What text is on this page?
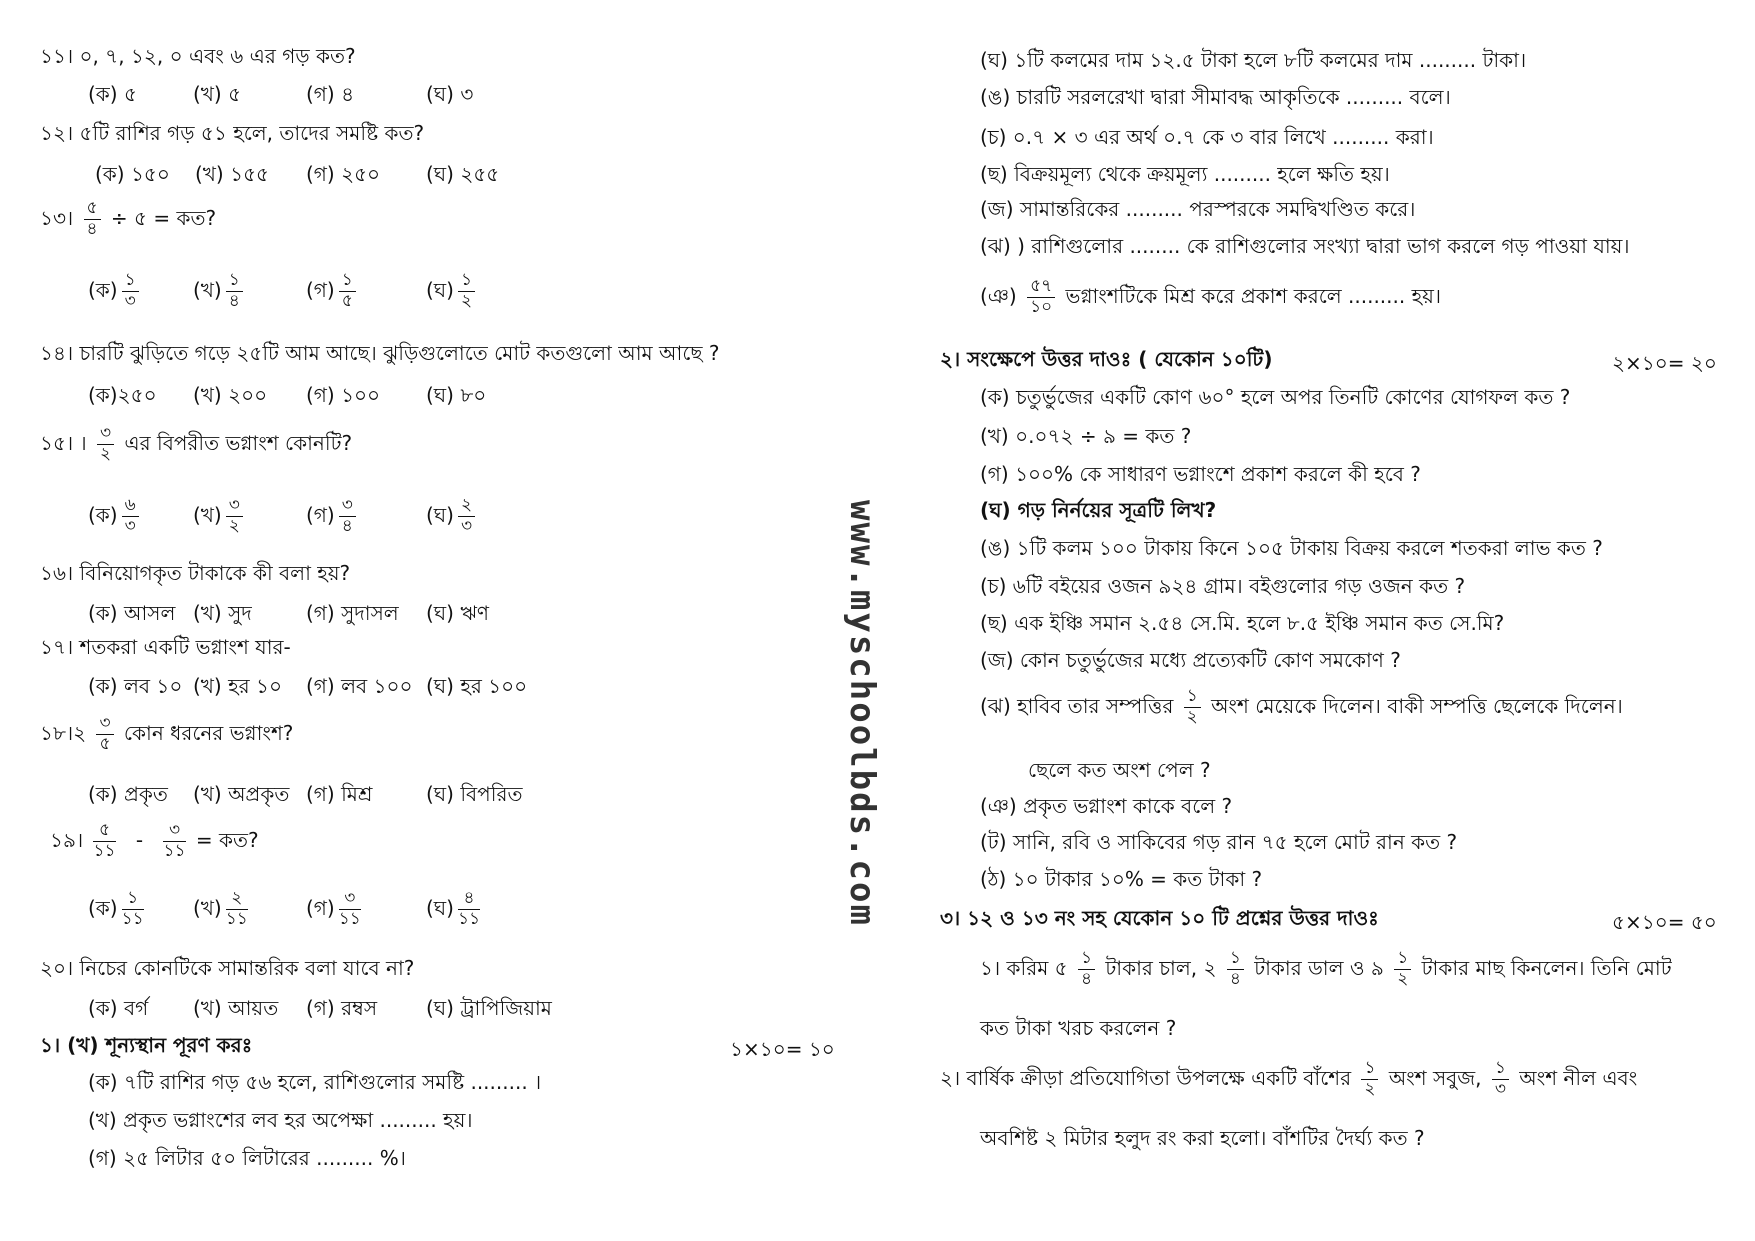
১১। ০, ৭, ১২, ০ এবং ৬ এর গড় কত?
(ক) ৫	(খ) ৫	(গ) ৪	(ঘ) ৩
১২। ৫টি রাশির গড় ৫১ হলে, তাদের সমষ্টি কত?
(ক) ১৫০ (খ) ১৫৫ (গ) ২৫০ (ঘ) ২৫৫
১৩। $\frac{৫}{৪}$ ÷ ৫ = কত?
(ক) $\frac{১}{৩}$	(খ) $\frac{১}{৪}$	(গ) $\frac{১}{৫}$	(ঘ) $\frac{১}{২}$
১৪। চারটি ঝুড়িতে গড়ে ২৫টি আম আছে। ঝুড়িগুলোতে মোট কতগুলো আম আছে ?
(ক)২৫০ (খ) ২০০ (গ) ১০০ (ঘ) ৮০
১৫। । $\frac{৩}{২}$ এর বিপরীত ভগ্নাংশ কোনটি?
(ক) $\frac{৬}{৩}$	(খ) $\frac{৩}{২}$	(গ) $\frac{৩}{৪}$	(ঘ) $\frac{২}{৩}$
১৬। বিনিয়োগকৃত টাকাকে কী বলা হয়?
(ক) আসল (খ) সুদ	(গ) সুদাসল (ঘ) ঋণ
১৭। শতকরা একটি ভগ্নাংশ যার-
(ক) লব ১০ (খ) হর ১০ (গ) লব ১০০ (ঘ) হর ১০০
১৮।২ $\frac{৩}{৫}$ কোন ধরনের ভগ্নাংশ?
(ক) প্রকৃত (খ) অপ্রকৃত (গ) মিশ্র	(ঘ) বিপরিত
১৯। $\frac{৫}{১১} - \frac{৩}{১১}$ = কত?
(ক) $\frac{১}{১১}$ (খ) $\frac{২}{১১}$	(গ) $\frac{৩}{১১}$	(ঘ) $\frac{৪}{১১}$
২০। নিচের কোনটিকে সামান্তরিক বলা যাবে না?
(ক) বর্গ (খ) আয়ত (গ) রম্বস (ঘ) ট্রাপিজিয়াম
১। (খ) শূন্যস্থান পূরণ করঃ	১×১০= ১০
(ক) ৭টি রাশির গড় ৫৬ হলে, রাশিগুলোর সমষ্টি ......... ।
(খ) প্রকৃত ভগ্নাংশের লব হর অপেক্ষা ......... হয়।
(গ) ২৫ লিটার ৫০ লিটারের ......... %।
www.myschoolbds.com
(ঘ) ১টি কলমের দাম ১২.৫ টাকা হলে ৮টি কলমের দাম ......... টাকা।
(ঙ) চারটি সরলরেখা দ্বারা সীমাবদ্ধ আকৃতিকে ......... বলে।
(চ) ০.৭ × ৩ এর অর্থ ০.৭ কে ৩ বার লিখে ......... করা।
(ছ) বিক্রয়মূল্য থেকে ক্রয়মূল্য ......... হলে ক্ষতি হয়।
(জ) সামান্তরিকের ......... পরস্পরকে সমদ্বিখণ্ডিত করে।
(ঝ) ) রাশিগুলোর ........ কে রাশিগুলোর সংখ্যা দ্বারা ভাগ করলে গড় পাওয়া যায়।
(ঞ) $\frac{৫৭}{১০}$ ভগ্নাংশটিকে মিশ্র করে প্রকাশ করলে ......... হয়।
২। সংক্ষেপে উত্তর দাওঃ ( যেকোন ১০টি)	২×১০= ২০
(ক) চতুর্ভুজের একটি কোণ ৬০° হলে অপর তিনটি কোণের যোগফল কত ?
(খ) ০.০৭২ ÷ ৯ = কত ?
(গ) ১০০% কে সাধারণ ভগ্নাংশে প্রকাশ করলে কী হবে ?
(ঘ) গড় নির্নয়ের সূত্রটি লিখ?
(ঙ) ১টি কলম ১০০ টাকায় কিনে ১০৫ টাকায় বিক্রয় করলে শতকরা লাভ কত ?
(চ) ৬টি বইয়ের ওজন ৯২৪ গ্রাম। বইগুলোর গড় ওজন কত ?
(ছ) এক ইঞ্চি সমান ২.৫৪ সে.মি. হলে ৮.৫ ইঞ্চি সমান কত সে.মি?
(জ) কোন চতুর্ভুজের মধ্যে প্রত্যেকটি কোণ সমকোণ ?
(ঝ) হাবিব তার সম্পত্তির $\frac{১}{২}$ অংশ মেয়েকে দিলেন। বাকী সম্পত্তি ছেলেকে দিলেন।
ছেলে কত অংশ পেল ?
(ঞ) প্রকৃত ভগ্নাংশ কাকে বলে ?
(ট) সানি, রবি ও সাকিবের গড় রান ৭৫ হলে মোট রান কত ?
(ঠ) ১০ টাকার ১০% = কত টাকা ?
৩। ১২ ও ১৩ নং সহ যেকোন ১০ টি প্রশ্নের উত্তর দাওঃ	৫×১০= ৫০
১। করিম ৫ $\frac{১}{৪}$ টাকার চাল, ২ $\frac{১}{৪}$ টাকার ডাল ও ৯ $\frac{১}{২}$ টাকার মাছ কিনলেন। তিনি মোট
কত টাকা খরচ করলেন ?
২। বার্ষিক ক্রীড়া প্রতিযোগিতা উপলক্ষে একটি বাঁশের $\frac{১}{২}$ অংশ সবুজ, $\frac{১}{৩}$ অংশ নীল এবং
অবশিষ্ট ২ মিটার হলুদ রং করা হলো। বাঁশটির দৈর্ঘ্য কত ?
